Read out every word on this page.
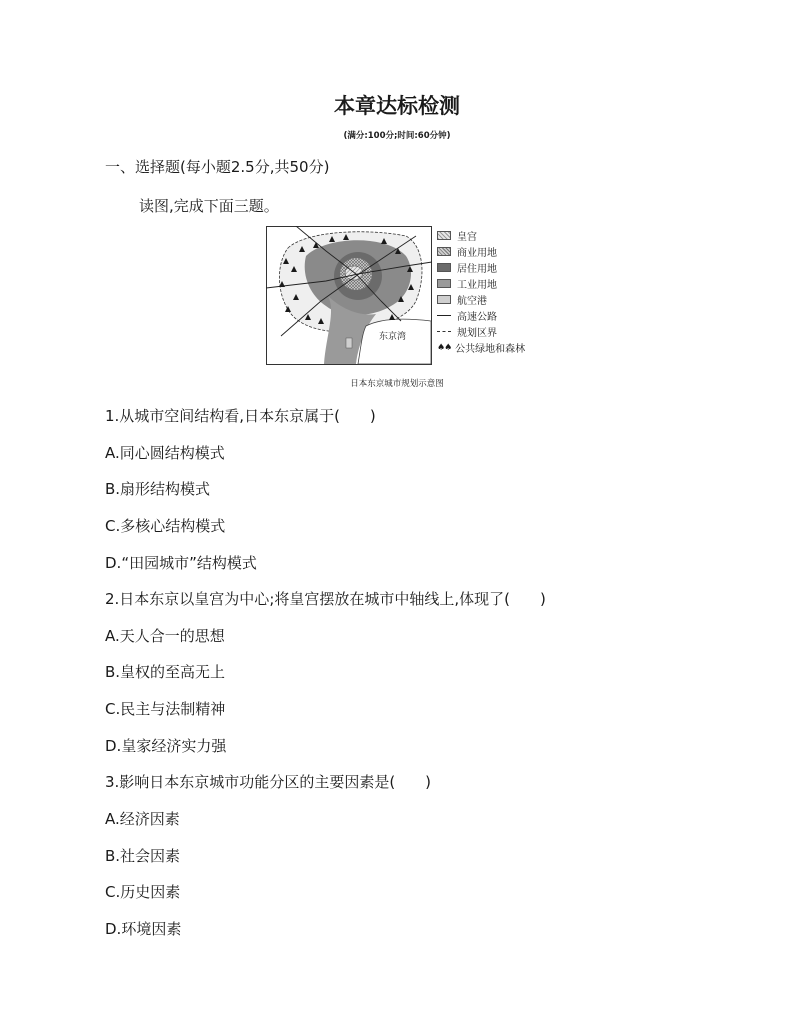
本章达标检测
(满分:100分;时间:60分钟)
一、选择题(每小题2.5分,共50分)
读图,完成下面三题。
东京湾
皇宫
商业用地
居住用地
工业用地
航空港
高速公路
规划区界
♠♠ 公共绿地和森林
日本东京城市规划示意图
1.从城市空间结构看,日本东京属于(　　)
A.同心圆结构模式
B.扇形结构模式
C.多核心结构模式
D.“田园城市”结构模式
2.日本东京以皇宫为中心;将皇宫摆放在城市中轴线上,体现了(　　)
A.天人合一的思想
B.皇权的至高无上
C.民主与法制精神
D.皇家经济实力强
3.影响日本东京城市功能分区的主要因素是(　　)
A.经济因素
B.社会因素
C.历史因素
D.环境因素
